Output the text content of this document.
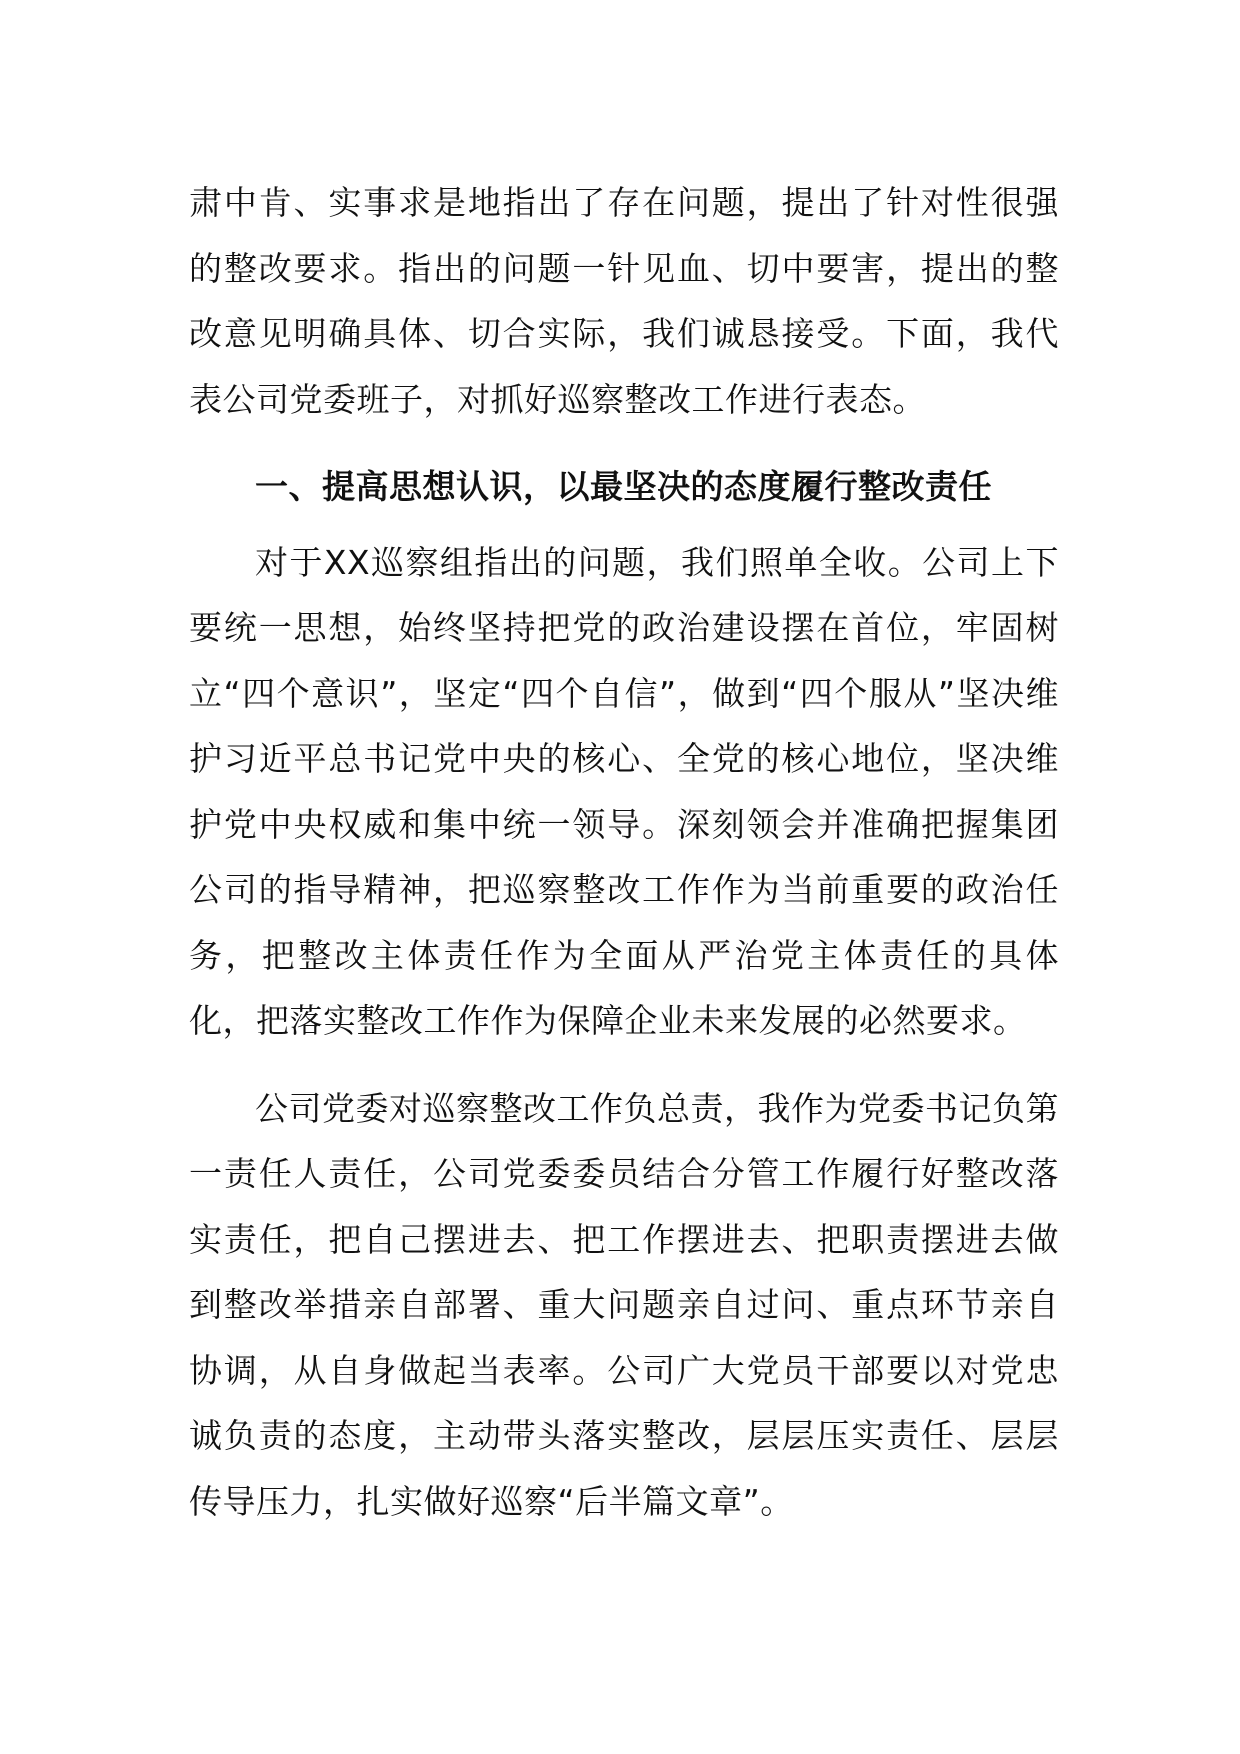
肃中肯、实事求是地指出了存在问题，提出了针对性很强的整改要求。指出的问题一针见血、切中要害，提出的整改意见明确具体、切合实际，我们诚恳接受。下面，我代表公司党委班子，对抓好巡察整改工作进行表态。

一、提高思想认识，以最坚决的态度履行整改责任

对于XX巡察组指出的问题，我们照单全收。公司上下要统一思想，始终坚持把党的政治建设摆在首位，牢固树立“四个意识”，坚定“四个自信”，做到“四个服从”坚决维护习近平总书记党中央的核心、全党的核心地位，坚决维护党中央权威和集中统一领导。深刻领会并准确把握集团公司的指导精神，把巡察整改工作作为当前重要的政治任务，把整改主体责任作为全面从严治党主体责任的具体化，把落实整改工作作为保障企业未来发展的必然要求。

公司党委对巡察整改工作负总责，我作为党委书记负第一责任人责任，公司党委委员结合分管工作履行好整改落实责任，把自己摆进去、把工作摆进去、把职责摆进去做到整改举措亲自部署、重大问题亲自过问、重点环节亲自协调，从自身做起当表率。公司广大党员干部要以对党忠诚负责的态度，主动带头落实整改，层层压实责任、层层传导压力，扎实做好巡察“后半篇文章”。
